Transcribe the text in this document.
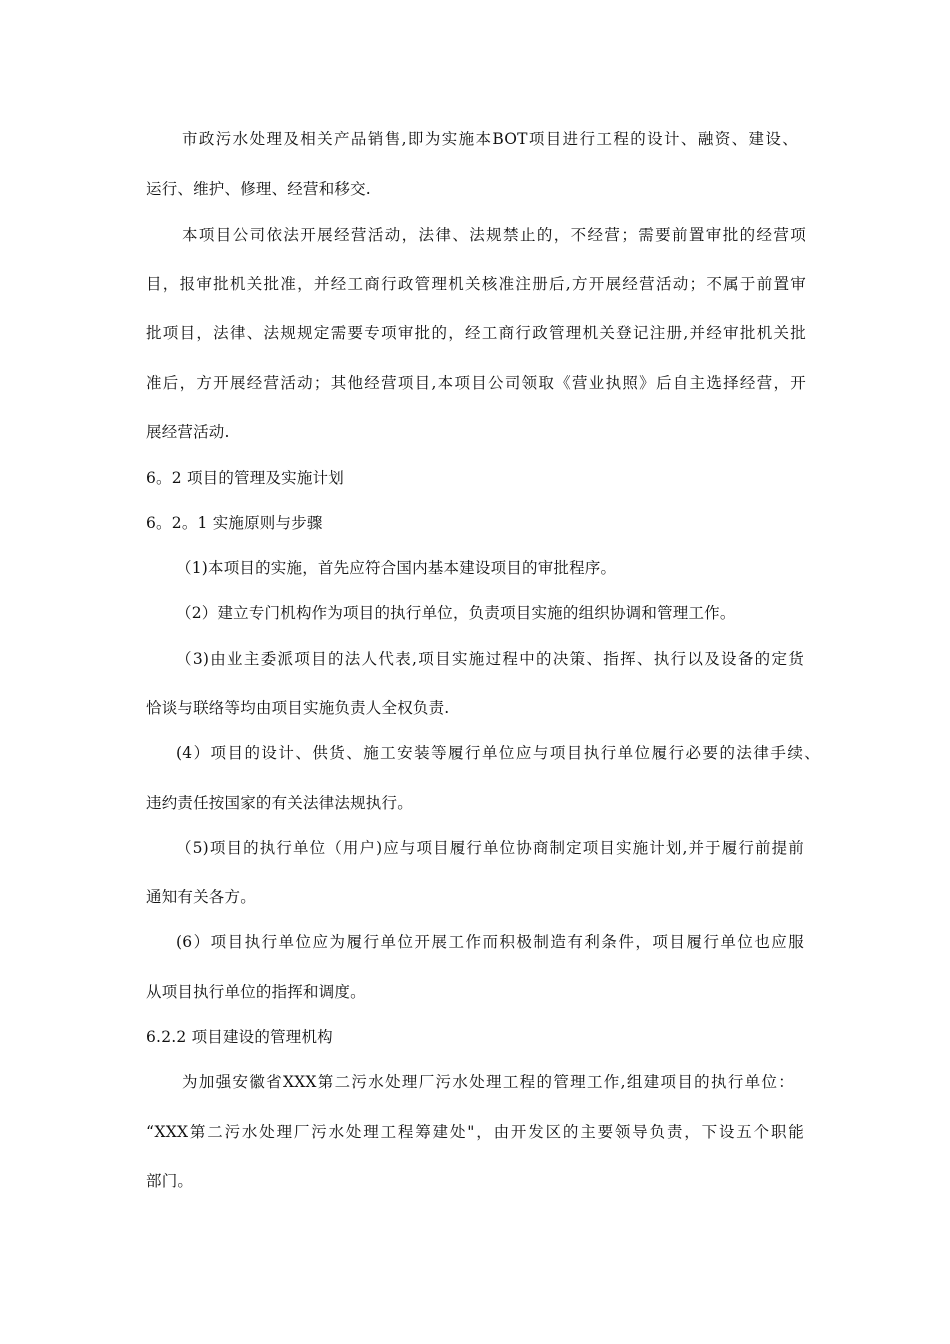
市政污水处理及相关产品销售,即为实施本BOT项目进行工程的设计、融资、建设、
运行、维护、修理、经营和移交.
本项目公司依法开展经营活动，法律、法规禁止的，不经营；需要前置审批的经营项
目，报审批机关批准，并经工商行政管理机关核准注册后,方开展经营活动；不属于前置审
批项目，法律、法规规定需要专项审批的，经工商行政管理机关登记注册,并经审批机关批
准后，方开展经营活动；其他经营项目,本项目公司领取《营业执照》后自主选择经营，开
展经营活动.
6。2 项目的管理及实施计划
6。2。1 实施原则与步骤
（1)本项目的实施，首先应符合国内基本建设项目的审批程序。
（2）建立专门机构作为项目的执行单位，负责项目实施的组织协调和管理工作。
（3)由业主委派项目的法人代表,项目实施过程中的决策、指挥、执行以及设备的定货
恰谈与联络等均由项目实施负责人全权负责.
(4）项目的设计、供货、施工安装等履行单位应与项目执行单位履行必要的法律手续、
违约责任按国家的有关法律法规执行。
（5)项目的执行单位（用户)应与项目履行单位协商制定项目实施计划,并于履行前提前
通知有关各方。
(6）项目执行单位应为履行单位开展工作而积极制造有利条件，项目履行单位也应服
从项目执行单位的指挥和调度。
6.2.2 项目建设的管理机构
为加强安徽省XXX第二污水处理厂污水处理工程的管理工作,组建项目的执行单位：
“XXX第二污水处理厂污水处理工程筹建处"，由开发区的主要领导负责，下设五个职能
部门。
